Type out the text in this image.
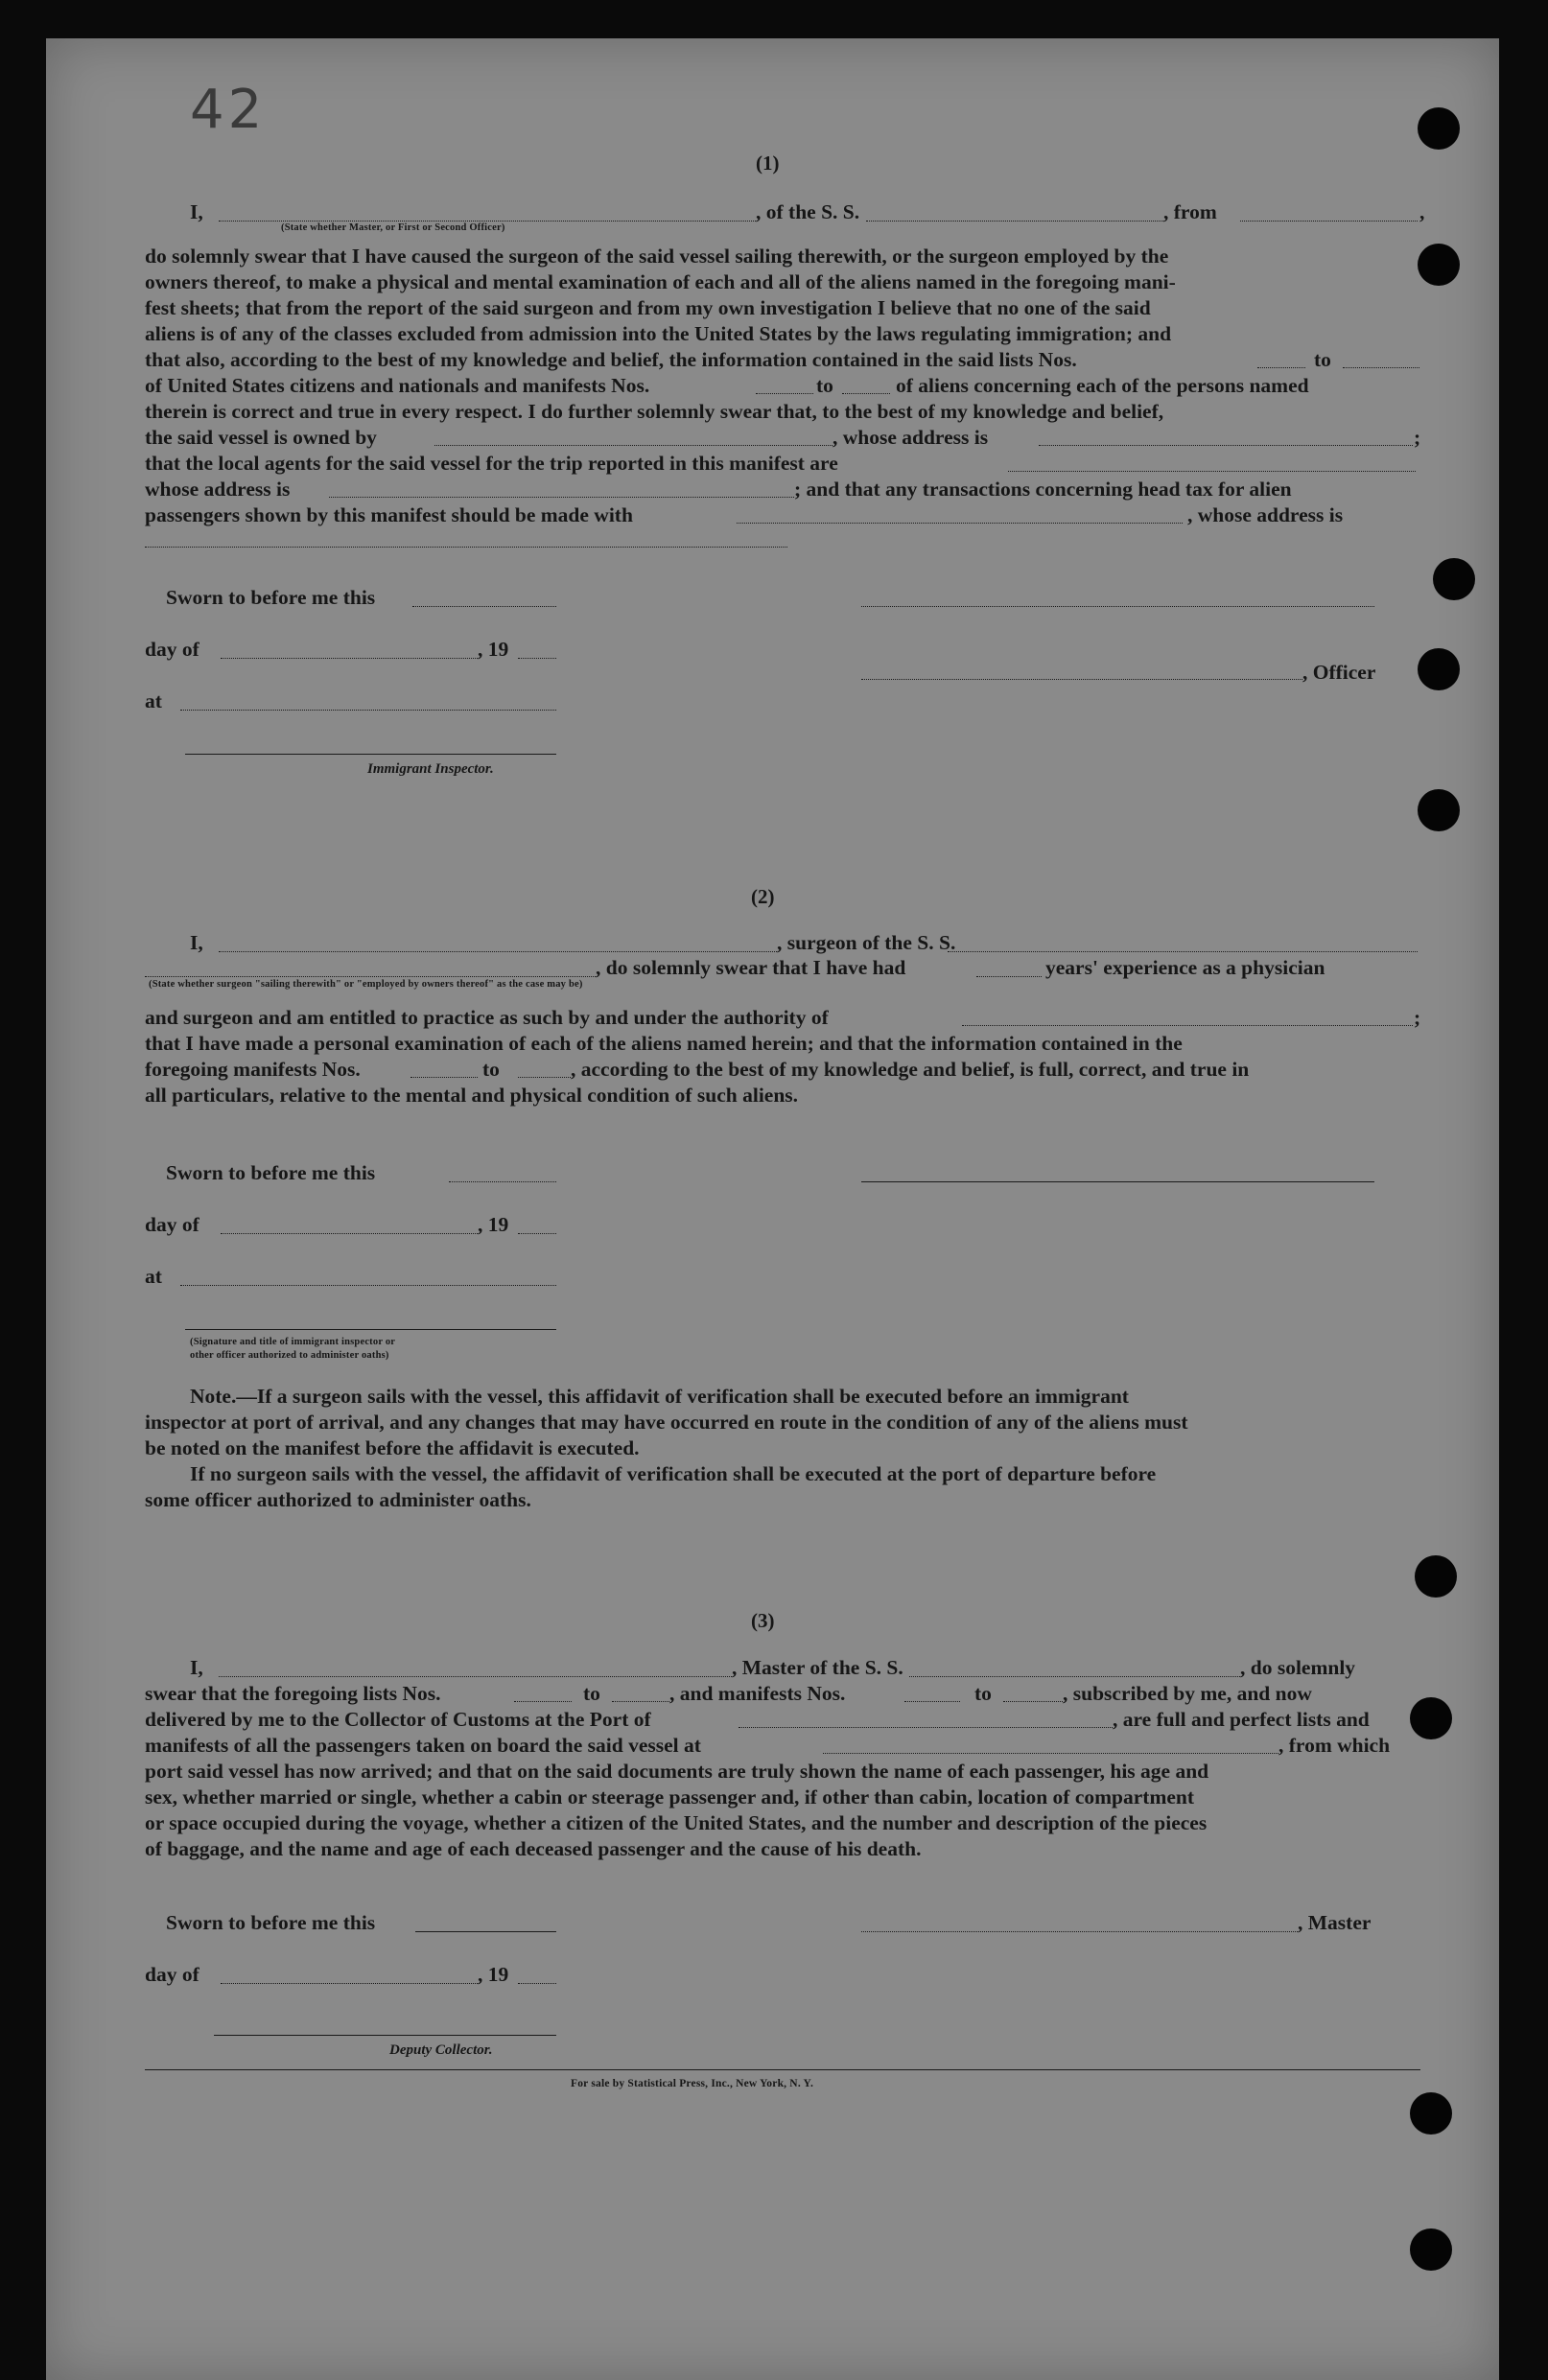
42
(1)
I,	, of the S. S.	, from	,
(State whether Master, or First or Second Officer)
do solemnly swear that I have caused the surgeon of the said vessel sailing therewith, or the surgeon employed by the
owners thereof, to make a physical and mental examination of each and all of the aliens named in the foregoing mani-
fest sheets; that from the report of the said surgeon and from my own investigation I believe that no one of the said
aliens is of any of the classes excluded from admission into the United States by the laws regulating immigration; and
that also, according to the best of my knowledge and belief, the information contained in the said lists Nos.	to
of United States citizens and nationals and manifests Nos.	to	of aliens concerning each of the persons named
therein is correct and true in every respect. I do further solemnly swear that, to the best of my knowledge and belief,
the said vessel is owned by	, whose address is	;
that the local agents for the said vessel for the trip reported in this manifest are
whose address is	; and that any transactions concerning head tax for alien
passengers shown by this manifest should be made with	, whose address is
Sworn to before me this
day of	, 19
, Officer
at
Immigrant Inspector.
(2)
I,	, surgeon of the S. S.
, do solemnly swear that I have had	years' experience as a physician
(State whether surgeon "sailing therewith" or "employed by owners thereof" as the case may be)
and surgeon and am entitled to practice as such by and under the authority of	;
that I have made a personal examination of each of the aliens named herein; and that the information contained in the
foregoing manifests Nos.	to	, according to the best of my knowledge and belief, is full, correct, and true in
all particulars, relative to the mental and physical condition of such aliens.
Sworn to before me this
day of	, 19
at
(Signature and title of immigrant inspector or
other officer authorized to administer oaths)
Note.—If a surgeon sails with the vessel, this affidavit of verification shall be executed before an immigrant
inspector at port of arrival, and any changes that may have occurred en route in the condition of any of the aliens must
be noted on the manifest before the affidavit is executed.
If no surgeon sails with the vessel, the affidavit of verification shall be executed at the port of departure before
some officer authorized to administer oaths.
(3)
I,	, Master of the S. S.	, do solemnly
swear that the foregoing lists Nos.	to	, and manifests Nos.	to	, subscribed by me, and now
delivered by me to the Collector of Customs at the Port of	, are full and perfect lists and
manifests of all the passengers taken on board the said vessel at	, from which
port said vessel has now arrived; and that on the said documents are truly shown the name of each passenger, his age and
sex, whether married or single, whether a cabin or steerage passenger and, if other than cabin, location of compartment
or space occupied during the voyage, whether a citizen of the United States, and the number and description of the pieces
of baggage, and the name and age of each deceased passenger and the cause of his death.
Sworn to before me this	, Master
day of	, 19
Deputy Collector.
For sale by Statistical Press, Inc., New York, N. Y.
